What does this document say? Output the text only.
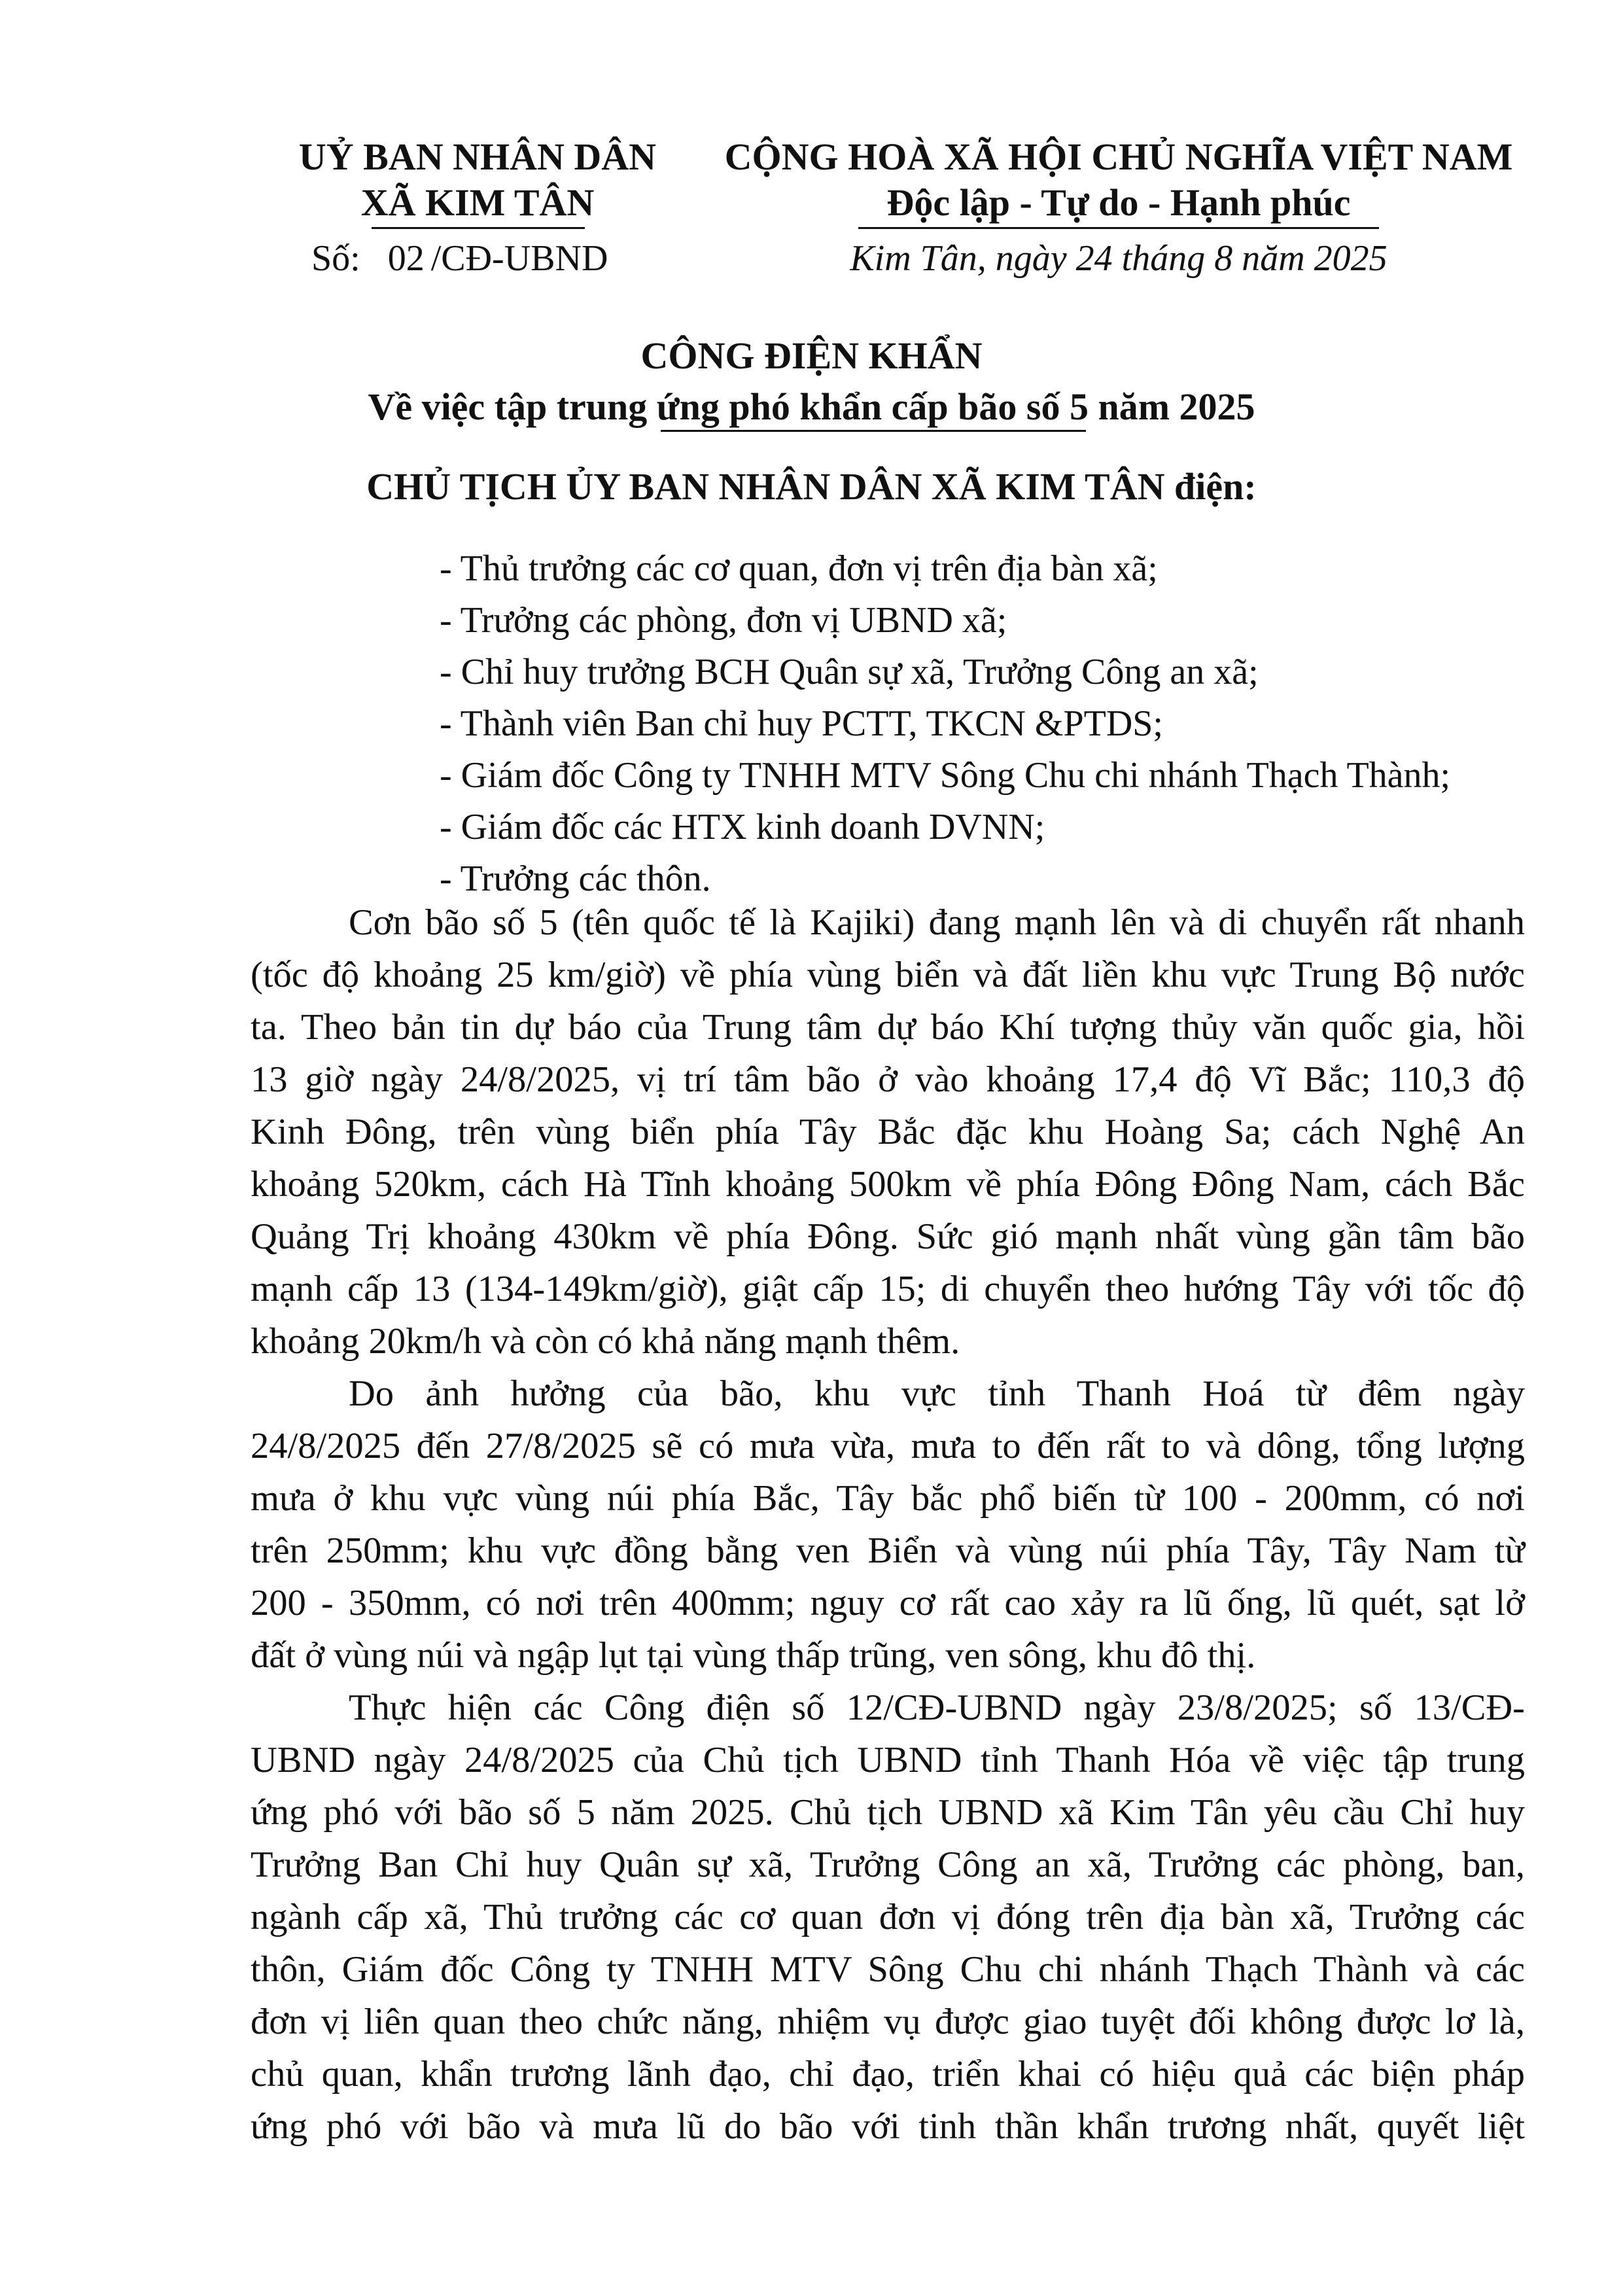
UỶ BAN NHÂN DÂN
XÃ KIM TÂN
CỘNG HOÀ XÃ HỘI CHỦ NGHĨA VIỆT NAM
Độc lập - Tự do - Hạnh phúc
Số: 02 /CĐ-UBND	Kim Tân, ngày 24 tháng 8 năm 2025
CÔNG ĐIỆN KHẨN
Về việc tập trung ứng phó khẩn cấp bão số 5 năm 2025
CHỦ TỊCH ỦY BAN NHÂN DÂN XÃ KIM TÂN điện:
- Thủ trưởng các cơ quan, đơn vị trên địa bàn xã;
- Trưởng các phòng, đơn vị UBND xã;
- Chỉ huy trưởng BCH Quân sự xã, Trưởng Công an xã;
- Thành viên Ban chỉ huy PCTT, TKCN &PTDS;
- Giám đốc Công ty TNHH MTV Sông Chu chi nhánh Thạch Thành;
- Giám đốc các HTX kinh doanh DVNN;
- Trưởng các thôn.
Cơn bão số 5 (tên quốc tế là Kajiki) đang mạnh lên và di chuyển rất nhanh
(tốc độ khoảng 25 km/giờ) về phía vùng biển và đất liền khu vực Trung Bộ nước
ta. Theo bản tin dự báo của Trung tâm dự báo Khí tượng thủy văn quốc gia, hồi
13 giờ ngày 24/8/2025, vị trí tâm bão ở vào khoảng 17,4 độ Vĩ Bắc; 110,3 độ
Kinh Đông, trên vùng biển phía Tây Bắc đặc khu Hoàng Sa; cách Nghệ An
khoảng 520km, cách Hà Tĩnh khoảng 500km về phía Đông Đông Nam, cách Bắc
Quảng Trị khoảng 430km về phía Đông. Sức gió mạnh nhất vùng gần tâm bão
mạnh cấp 13 (134-149km/giờ), giật cấp 15; di chuyển theo hướng Tây với tốc độ
khoảng 20km/h và còn có khả năng mạnh thêm.
Do ảnh hưởng của bão, khu vực tỉnh Thanh Hoá từ đêm ngày
24/8/2025 đến 27/8/2025 sẽ có mưa vừa, mưa to đến rất to và dông, tổng lượng
mưa ở khu vực vùng núi phía Bắc, Tây bắc phổ biến từ 100 - 200mm, có nơi
trên 250mm; khu vực đồng bằng ven Biển và vùng núi phía Tây, Tây Nam từ
200 - 350mm, có nơi trên 400mm; nguy cơ rất cao xảy ra lũ ống, lũ quét, sạt lở
đất ở vùng núi và ngập lụt tại vùng thấp trũng, ven sông, khu đô thị.
Thực hiện các Công điện số 12/CĐ-UBND ngày 23/8/2025; số 13/CĐ-
UBND ngày 24/8/2025 của Chủ tịch UBND tỉnh Thanh Hóa về việc tập trung
ứng phó với bão số 5 năm 2025. Chủ tịch UBND xã Kim Tân yêu cầu Chỉ huy
Trưởng Ban Chỉ huy Quân sự xã, Trưởng Công an xã, Trưởng các phòng, ban,
ngành cấp xã, Thủ trưởng các cơ quan đơn vị đóng trên địa bàn xã, Trưởng các
thôn, Giám đốc Công ty TNHH MTV Sông Chu chi nhánh Thạch Thành và các
đơn vị liên quan theo chức năng, nhiệm vụ được giao tuyệt đối không được lơ là,
chủ quan, khẩn trương lãnh đạo, chỉ đạo, triển khai có hiệu quả các biện pháp
ứng phó với bão và mưa lũ do bão với tinh thần khẩn trương nhất, quyết liệt
